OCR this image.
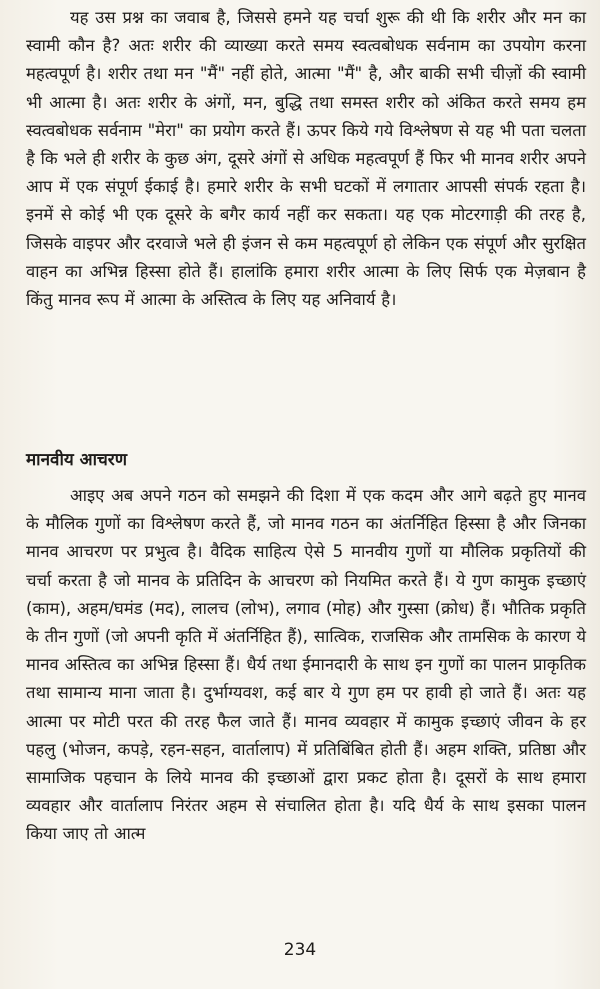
यह उस प्रश्न का जवाब है, जिससे हमने यह चर्चा शुरू की थी कि शरीर और मन का स्वामी कौन है? अतः शरीर की व्याख्या करते समय स्वत्वबोधक सर्वनाम का उपयोग करना महत्वपूर्ण है। शरीर तथा मन "मैं" नहीं होते, आत्मा "मैं" है, और बाकी सभी चीज़ों की स्वामी भी आत्मा है। अतः शरीर के अंगों, मन, बुद्धि तथा समस्त शरीर को अंकित करते समय हम स्वत्वबोधक सर्वनाम "मेरा" का प्रयोग करते हैं। ऊपर किये गये विश्लेषण से यह भी पता चलता है कि भले ही शरीर के कुछ अंग, दूसरे अंगों से अधिक महत्वपूर्ण हैं फिर भी मानव शरीर अपने आप में एक संपूर्ण ईकाई है। हमारे शरीर के सभी घटकों में लगातार आपसी संपर्क रहता है। इनमें से कोई भी एक दूसरे के बगैर कार्य नहीं कर सकता। यह एक मोटरगाड़ी की तरह है, जिसके वाइपर और दरवाजे भले ही इंजन से कम महत्वपूर्ण हो लेकिन एक संपूर्ण और सुरक्षित वाहन का अभिन्न हिस्सा होते हैं। हालांकि हमारा शरीर आत्मा के लिए सिर्फ एक मेज़बान है किंतु मानव रूप में आत्मा के अस्तित्व के लिए यह अनिवार्य है।

मानवीय आचरण

आइए अब अपने गठन को समझने की दिशा में एक कदम और आगे बढ़ते हुए मानव के मौलिक गुणों का विश्लेषण करते हैं, जो मानव गठन का अंतर्निहित हिस्सा है और जिनका मानव आचरण पर प्रभुत्व है। वैदिक साहित्य ऐसे 5 मानवीय गुणों या मौलिक प्रकृतियों की चर्चा करता है जो मानव के प्रतिदिन के आचरण को नियमित करते हैं। ये गुण कामुक इच्छाएं (काम), अहम/घमंड (मद), लालच (लोभ), लगाव (मोह) और गुस्सा (क्रोध) हैं। भौतिक प्रकृति के तीन गुणों (जो अपनी कृति में अंतर्निहित हैं), सात्विक, राजसिक और तामसिक के कारण ये मानव अस्तित्व का अभिन्न हिस्सा हैं। धैर्य तथा ईमानदारी के साथ इन गुणों का पालन प्राकृतिक तथा सामान्य माना जाता है। दुर्भाग्यवश, कई बार ये गुण हम पर हावी हो जाते हैं। अतः यह आत्मा पर मोटी परत की तरह फैल जाते हैं। मानव व्यवहार में कामुक इच्छाएं जीवन के हर पहलु (भोजन, कपड़े, रहन-सहन, वार्तालाप) में प्रतिबिंबित होती हैं। अहम शक्ति, प्रतिष्ठा और सामाजिक पहचान के लिये मानव की इच्छाओं द्वारा प्रकट होता है। दूसरों के साथ हमारा व्यवहार और वार्तालाप निरंतर अहम से संचालित होता है। यदि धैर्य के साथ इसका पालन किया जाए तो आत्म

234
